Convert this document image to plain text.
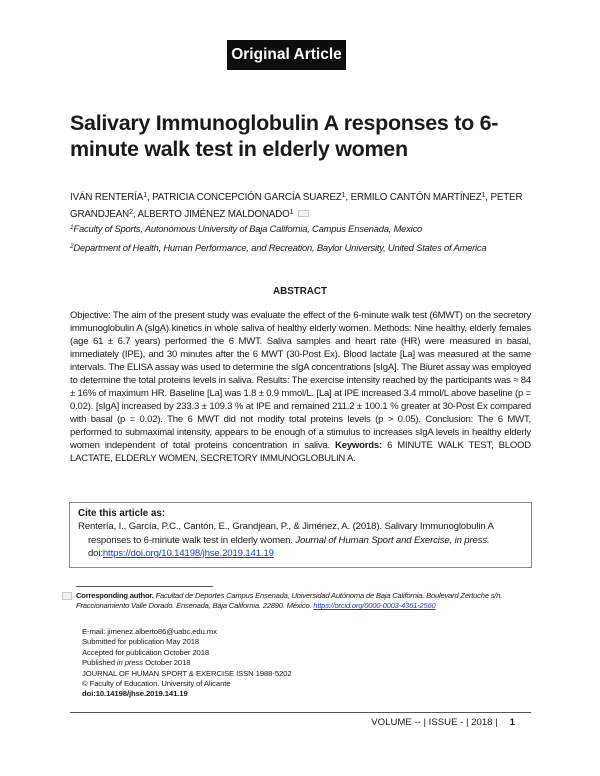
Original Article
Salivary Immunoglobulin A responses to 6-minute walk test in elderly women
IVÁN RENTERÍA$^1$, PATRICIA CONCEPCIÓN GARCÍA SUAREZ$^1$, ERMILO CANTÓN MARTÍNEZ$^1$, PETER GRANDJEAN$^2$, ALBERTO JIMÉNEZ MALDONADO$^1$
$^1$Faculty of Sports, Autonomous University of Baja California, Campus Ensenada, Mexico
$^2$Department of Health, Human Performance, and Recreation, Baylor University, United States of America
ABSTRACT

Objective: The aim of the present study was evaluate the effect of the 6-minute walk test (6MWT) on the secretory immunoglobulin A (sIgA) kinetics in whole saliva of healthy elderly women. Methods: Nine healthy, elderly females (age 61 ± 6.7 years) performed the 6 MWT. Saliva samples and heart rate (HR) were measured in basal, immediately (IPE), and 30 minutes after the 6 MWT (30-Post Ex). Blood lactate [La] was measured at the same intervals. The ELISA assay was used to determine the sIgA concentrations [sIgA]. The Biuret assay was employed to determine the total proteins levels in saliva. Results: The exercise intensity reached by the participants was ≈ 84 ± 16% of maximum HR. Baseline [La] was 1.8 ± 0.9 mmol/L. [La] at IPE increased 3.4 mmol/L above baseline (p = 0.02). [sIgA] increased by 233.3 ± 109.3 % at IPE and remained 211.2 ± 100.1 % greater at 30-Post Ex compared with basal (p = 0.02). The 6 MWT did not modify total proteins levels (p > 0.05). Conclusion: The 6 MWT, performed to submaximal intensity, appears to be enough of a stimulus to increases sIgA levels in healthy elderly women independent of total proteins concentration in saliva. Keywords: 6 MINUTE WALK TEST, BLOOD LACTATE, ELDERLY WOMEN, SECRETORY IMMUNOGLOBULIN A.

Cite this article as:
Rentería, I., García, P.C., Cantón, E., Grandjean, P., & Jiménez, A. (2018). Salivary Immunoglobulin A responses to 6-minute walk test in elderly women. Journal of Human Sport and Exercise, in press. doi:https://doi.org/10.14198/jhse.2019.141.19
Corresponding author. Facultad de Deportes Campus Ensenada, Universidad Autónoma de Baja California. Boulevard Zertuche s/n. Fraccionamiento Valle Dorado. Ensenada, Baja California. 22890. México. https://orcid.org/0000-0003-4361-2560
E-mail: jimenez.alberto86@uabc.edu.mx
Submitted for publication May 2018
Accepted for publication October 2018
Published in press October 2018
JOURNAL OF HUMAN SPORT & EXERCISE ISSN 1988-5202
© Faculty of Education. University of Alicante
doi:10.14198/jhse.2019.141.19
VOLUME -- | ISSUE - | 2018 | 1
